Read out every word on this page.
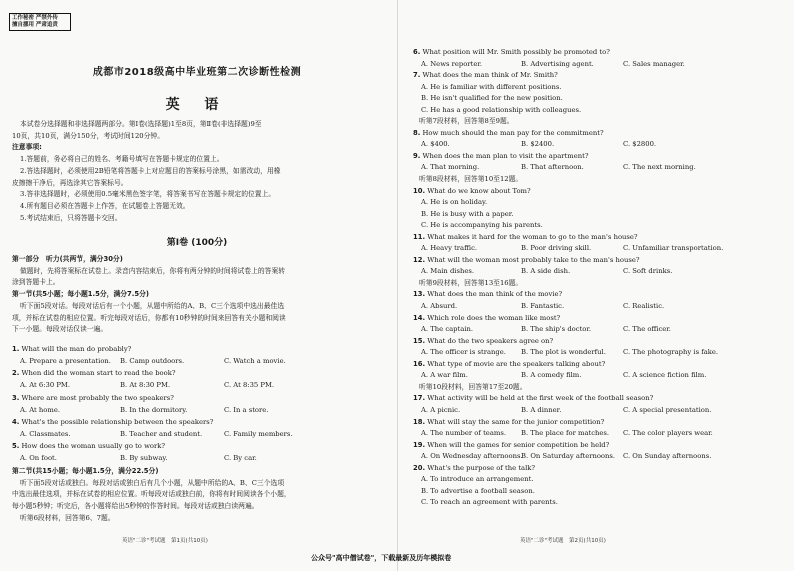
工作秘密 严禁外传
擅自挪用 严肃追责
成都市2018级高中毕业班第二次诊断性检测
英 语
本试卷分选择题和非选择题两部分。第Ⅰ卷(选择题)1至8页，第Ⅱ卷(非选择题)9至
10页，共10页，满分150分，考试时间120分钟。
注意事项:
1.答题前，务必将自己的姓名、考籍号填写在答题卡规定的位置上。
2.答选择题时，必须使用2B铅笔将答题卡上对应题目的答案标号涂黑，如需改动，用橡
皮擦擦干净后，再选涂其它答案标号。
3.答非选择题时，必须使用0.5毫米黑色签字笔，将答案书写在答题卡规定的位置上。
4.所有题目必须在答题卡上作答，在试题卷上答题无效。
5.考试结束后，只将答题卡交回。
第Ⅰ卷 (100分)
第一部分　听力(共两节，满分30分)
做题时，先将答案标在试卷上。录音内容结束后，你将有两分钟的时间将试卷上的答案转
涂到答题卡上。
第一节(共5小题；每小题1.5分，满分7.5分)
听下面5段对话。每段对话后有一个小题，从题中所给的A、B、C三个选项中选出最佳选
项，并标在试卷的相应位置。听完每段对话后，你都有10秒钟的时间来回答有关小题和阅读
下一小题。每段对话仅读一遍。
1. What will the man do probably?
A. Prepare a presentation.	B. Camp outdoors.	C. Watch a movie.
2. When did the woman start to read the book?
A. At 6:30 PM.	B. At 8:30 PM.	C. At 8:35 PM.
3. Where are most probably the two speakers?
A. At home.	B. In the dormitory.	C. In a store.
4. What's the possible relationship between the speakers?
A. Classmates.	B. Teacher and student.	C. Family members.
5. How does the woman usually go to work?
A. On foot.	B. By subway.	C. By car.
第二节(共15小题；每小题1.5分，满分22.5分)
听下面5段对话或独白。每段对话或独白后有几个小题，从题中所给的A、B、C三个选项
中选出最佳选项，并标在试卷的相应位置。听每段对话或独白前，你将有时间阅读各个小题，
每小题5秒钟；听完后，各小题将给出5秒钟的作答时间。每段对话或独白读两遍。
听第6段材料，回答第6、7题。
英语"二诊"考试题　第1页(共10页)
6. What position will Mr. Smith possibly be promoted to?
A. News reporter.	B. Advertising agent.	C. Sales manager.
7. What does the man think of Mr. Smith?
A. He is familiar with different positions.
B. He isn't qualified for the new position.
C. He has a good relationship with colleagues.
听第7段材料，回答第8至9题。
8. How much should the man pay for the commitment?
A. $400.	B. $2400.	C. $2800.
9. When does the man plan to visit the apartment?
A. That morning.	B. That afternoon.	C. The next morning.
听第8段材料，回答第10至12题。
10. What do we know about Tom?
A. He is on holiday.
B. He is busy with a paper.
C. He is accompanying his parents.
11. What makes it hard for the woman to go to the man's house?
A. Heavy traffic.	B. Poor driving skill.	C. Unfamiliar transportation.
12. What will the woman most probably take to the man's house?
A. Main dishes.	B. A side dish.	C. Soft drinks.
听第9段材料，回答第13至16题。
13. What does the man think of the movie?
A. Absurd.	B. Fantastic.	C. Realistic.
14. Which role does the woman like most?
A. The captain.	B. The ship's doctor.	C. The officer.
15. What do the two speakers agree on?
A. The officer is strange.	B. The plot is wonderful.	C. The photography is fake.
16. What type of movie are the speakers talking about?
A. A war film.	B. A comedy film.	C. A science fiction film.
听第10段材料，回答第17至20题。
17. What activity will be held at the first week of the football season?
A. A picnic.	B. A dinner.	C. A special presentation.
18. What will stay the same for the junior competition?
A. The number of teams.	B. The place for matches.	C. The color players wear.
19. When will the games for senior competition be held?
A. On Wednesday afternoons.
B. On Saturday afternoons.	C. On Sunday afternoons.
20. What's the purpose of the talk?
A. To introduce an arrangement.
B. To advertise a football season.
C. To reach an agreement with parents.
英语"二诊"考试题　第2页(共10页)
公众号"高中僧试卷"，下载最新及历年模拟卷
